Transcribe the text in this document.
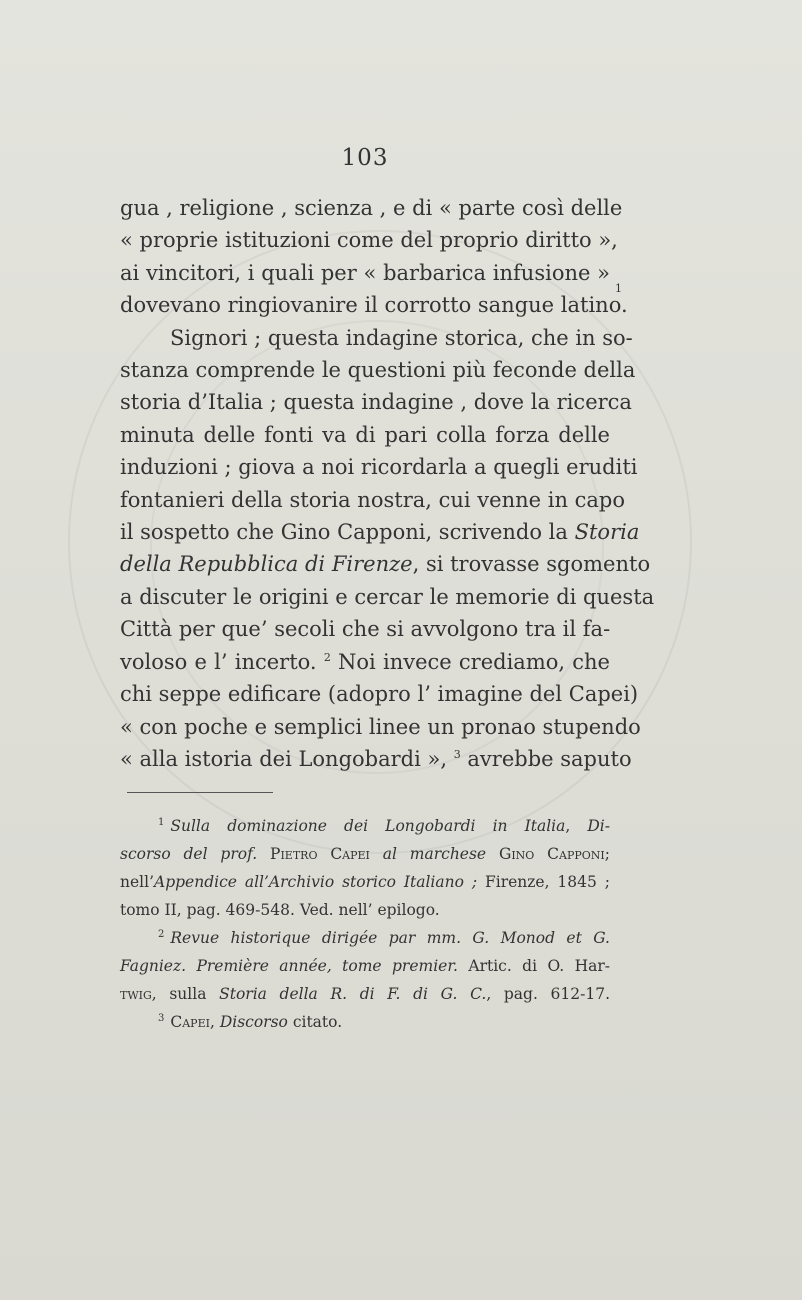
103
gua , religione , scienza , e di « parte così delle
« proprie istituzioni come del proprio diritto »,
ai vincitori, i quali per « barbarica infusione »
dovevano ringiovanire il corrotto sangue latino.
1
Signori ; questa indagine storica, che in so-
stanza comprende le questioni più feconde della
storia d’Italia ; questa indagine , dove la ricerca
minuta delle fonti va di pari colla forza delle
induzioni ; giova a noi ricordarla a quegli eruditi
fontanieri della storia nostra, cui venne in capo
il sospetto che Gino Capponi, scrivendo la Storia
della Repubblica di Firenze, si trovasse sgomento
a discuter le origini e cercar le memorie di questa
Città per que’ secoli che si avvolgono tra il fa-
voloso e l’ incerto. $^2$ Noi invece crediamo, che
chi seppe edificare (adopro l’ imagine del Capei)
« con poche e semplici linee un pronao stupendo
« alla istoria dei Longobardi », $^3$ avrebbe saputo
$^1$ Sulla dominazione dei Longobardi in Italia, Di-
scorso del prof. Pietro Capei al marchese Gino Capponi;
nell’Appendice all’Archivio storico Italiano ; Firenze, 1845 ;
tomo II, pag. 469-548. Ved. nell’ epilogo.
$^2$ Revue historique dirigée par mm. G. Monod et G.
Fagniez. Première année, tome premier. Artic. di O. Har-
twig, sulla Storia della R. di F. di G. C., pag. 612-17.
$^3$ Capei, Discorso citato.
